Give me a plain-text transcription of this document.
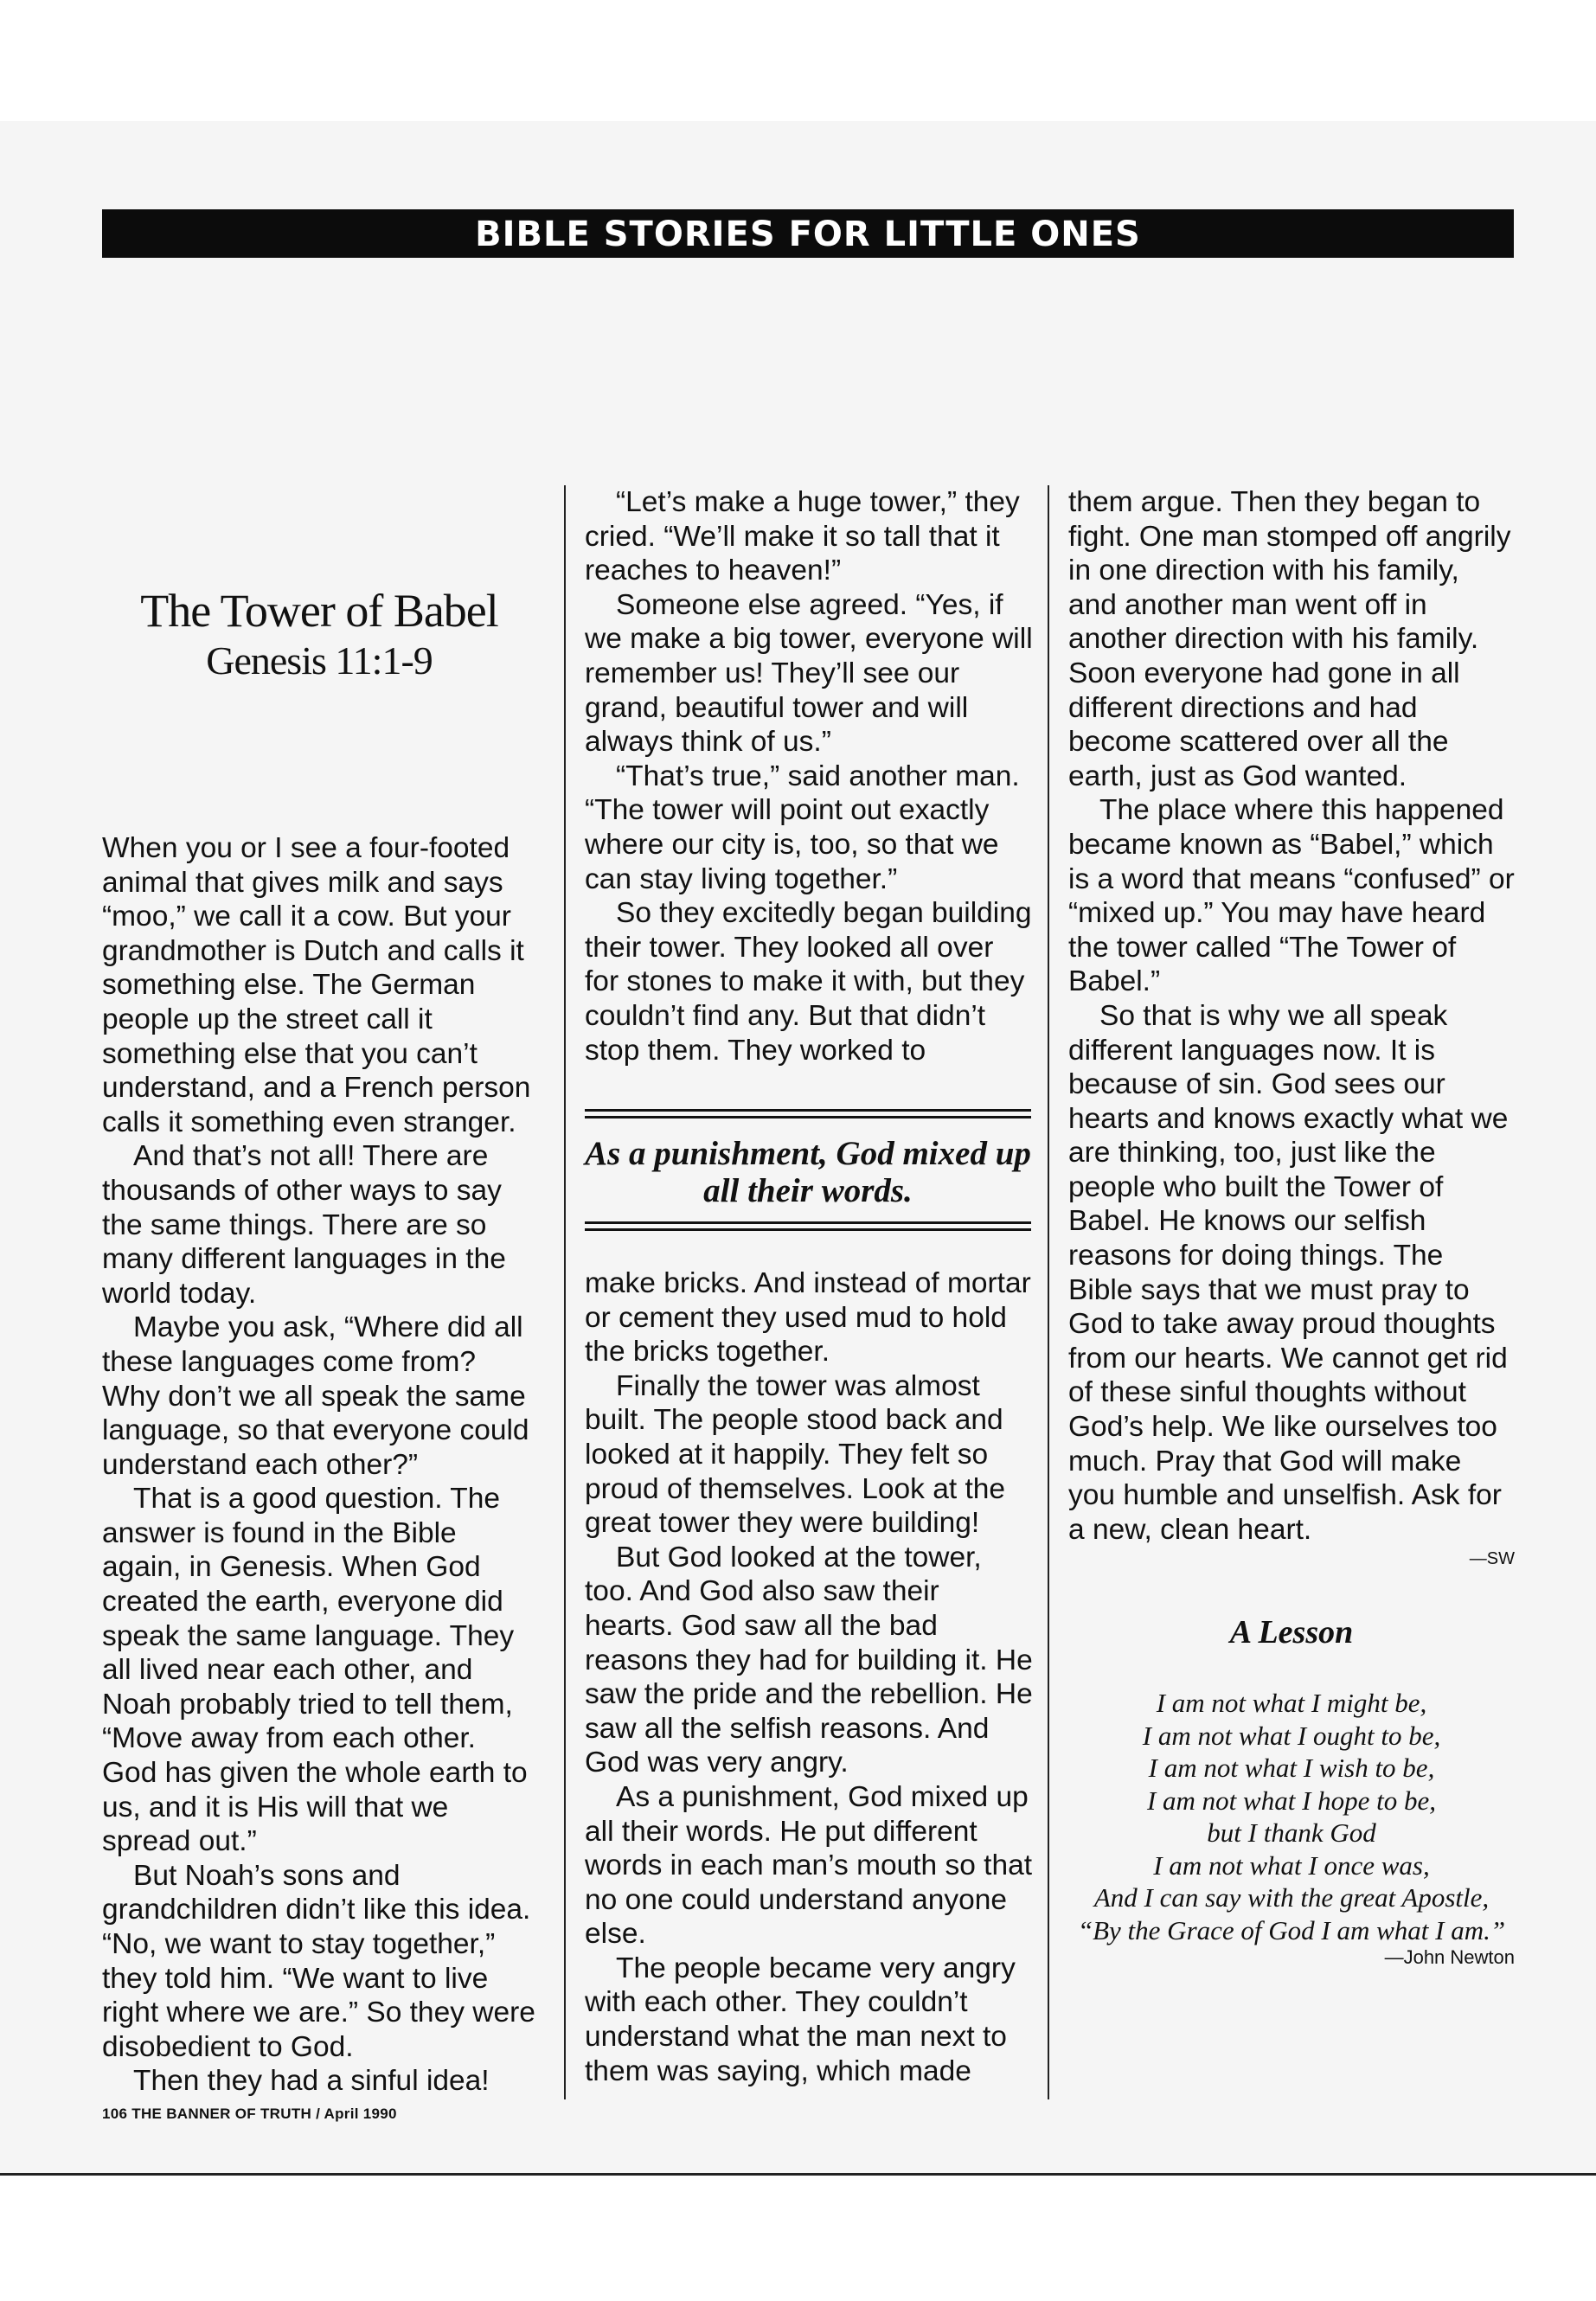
BIBLE STORIES FOR LITTLE ONES
The Tower of Babel
Genesis 11:1-9

When you or I see a four-footed animal that gives milk and says “moo,” we call it a cow. But your grandmother is Dutch and calls it something else. The German people up the street call it something else that you can’t understand, and a French person calls it something even stranger.

And that’s not all! There are thousands of other ways to say the same things. There are so many different languages in the world today.

Maybe you ask, “Where did all these languages come from? Why don’t we all speak the same language, so that everyone could understand each other?”

That is a good question. The answer is found in the Bible again, in Genesis. When God created the earth, everyone did speak the same language. They all lived near each other, and Noah probably tried to tell them, “Move away from each other. God has given the whole earth to us, and it is His will that we spread out.”

But Noah’s sons and grandchildren didn’t like this idea. “No, we want to stay together,” they told him. “We want to live right where we are.” So they were disobedient to God.

Then they had a sinful idea!

“Let’s make a huge tower,” they cried. “We’ll make it so tall that it reaches to heaven!”

Someone else agreed. “Yes, if we make a big tower, everyone will remember us! They’ll see our grand, beautiful tower and will always think of us.”

“That’s true,” said another man. “The tower will point out exactly where our city is, too, so that we can stay living together.”

So they excitedly began building their tower. They looked all over for stones to make it with, but they couldn’t find any. But that didn’t stop them. They worked to

As a punishment, God mixed up all their words.

make bricks. And instead of mortar or cement they used mud to hold the bricks together.

Finally the tower was almost built. The people stood back and looked at it happily. They felt so proud of themselves. Look at the great tower they were building!

But God looked at the tower, too. And God also saw their hearts. God saw all the bad reasons they had for building it. He saw the pride and the rebellion. He saw all the selfish reasons. And God was very angry.

As a punishment, God mixed up all their words. He put different words in each man’s mouth so that no one could understand anyone else.

The people became very angry with each other. They couldn’t understand what the man next to them was saying, which made

them argue. Then they began to fight. One man stomped off angrily in one direction with his family, and another man went off in another direction with his family. Soon everyone had gone in all different directions and had become scattered over all the earth, just as God wanted.

The place where this happened became known as “Babel,” which is a word that means “confused” or “mixed up.” You may have heard the tower called “The Tower of Babel.”

So that is why we all speak different languages now. It is because of sin. God sees our hearts and knows exactly what we are thinking, too, just like the people who built the Tower of Babel. He knows our selfish reasons for doing things. The Bible says that we must pray to God to take away proud thoughts from our hearts. We cannot get rid of these sinful thoughts without God’s help. We like ourselves too much. Pray that God will make you humble and unselfish. Ask for a new, clean heart.

—SW
A Lesson
I am not what I might be,
I am not what I ought to be,
I am not what I wish to be,
I am not what I hope to be,
but I thank God
I am not what I once was,
And I can say with the great Apostle,
“By the Grace of God I am what I am.”
—John Newton
106 THE BANNER OF TRUTH / April 1990
